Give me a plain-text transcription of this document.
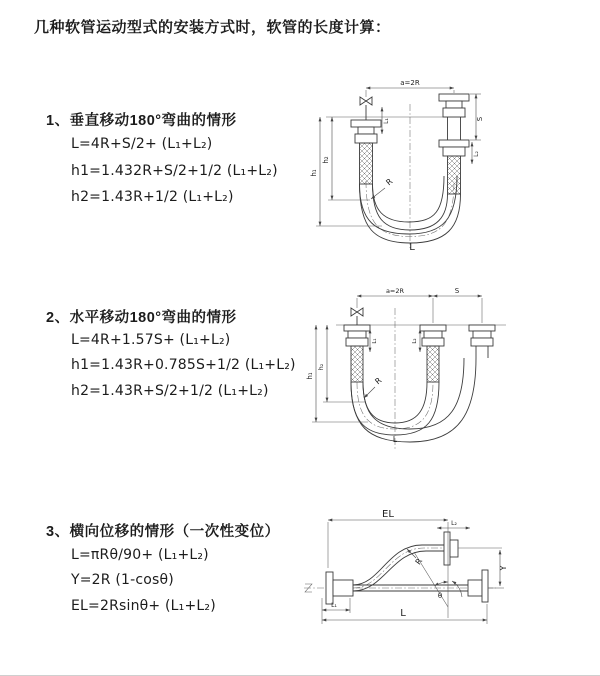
几种软管运动型式的安装方式时，软管的长度计算：
1、垂直移动180°弯曲的情形
L=4R+S/2+ (L₁+L₂)
h1=1.432R+S/2+1/2 (L₁+L₂)
h2=1.43R+1/2 (L₁+L₂)
2、水平移动180°弯曲的情形
L=4R+1.57S+ (L₁+L₂)
h1=1.43R+0.785S+1/2 (L₁+L₂)
h2=1.43R+S/2+1/2 (L₁+L₂)
3、横向位移的情形（一次性变位）
L=πRθ/90+ (L₁+L₂)
Y=2R (1-cosθ)
EL=2Rsinθ+ (L₁+L₂)
a=2R
S
L₂
L₁
h₁
h₂
L
R
a=2R	S
h₁
h₂
L₁	L₂
L
R
EL
L₂
Y
L
L₁
θ
R
